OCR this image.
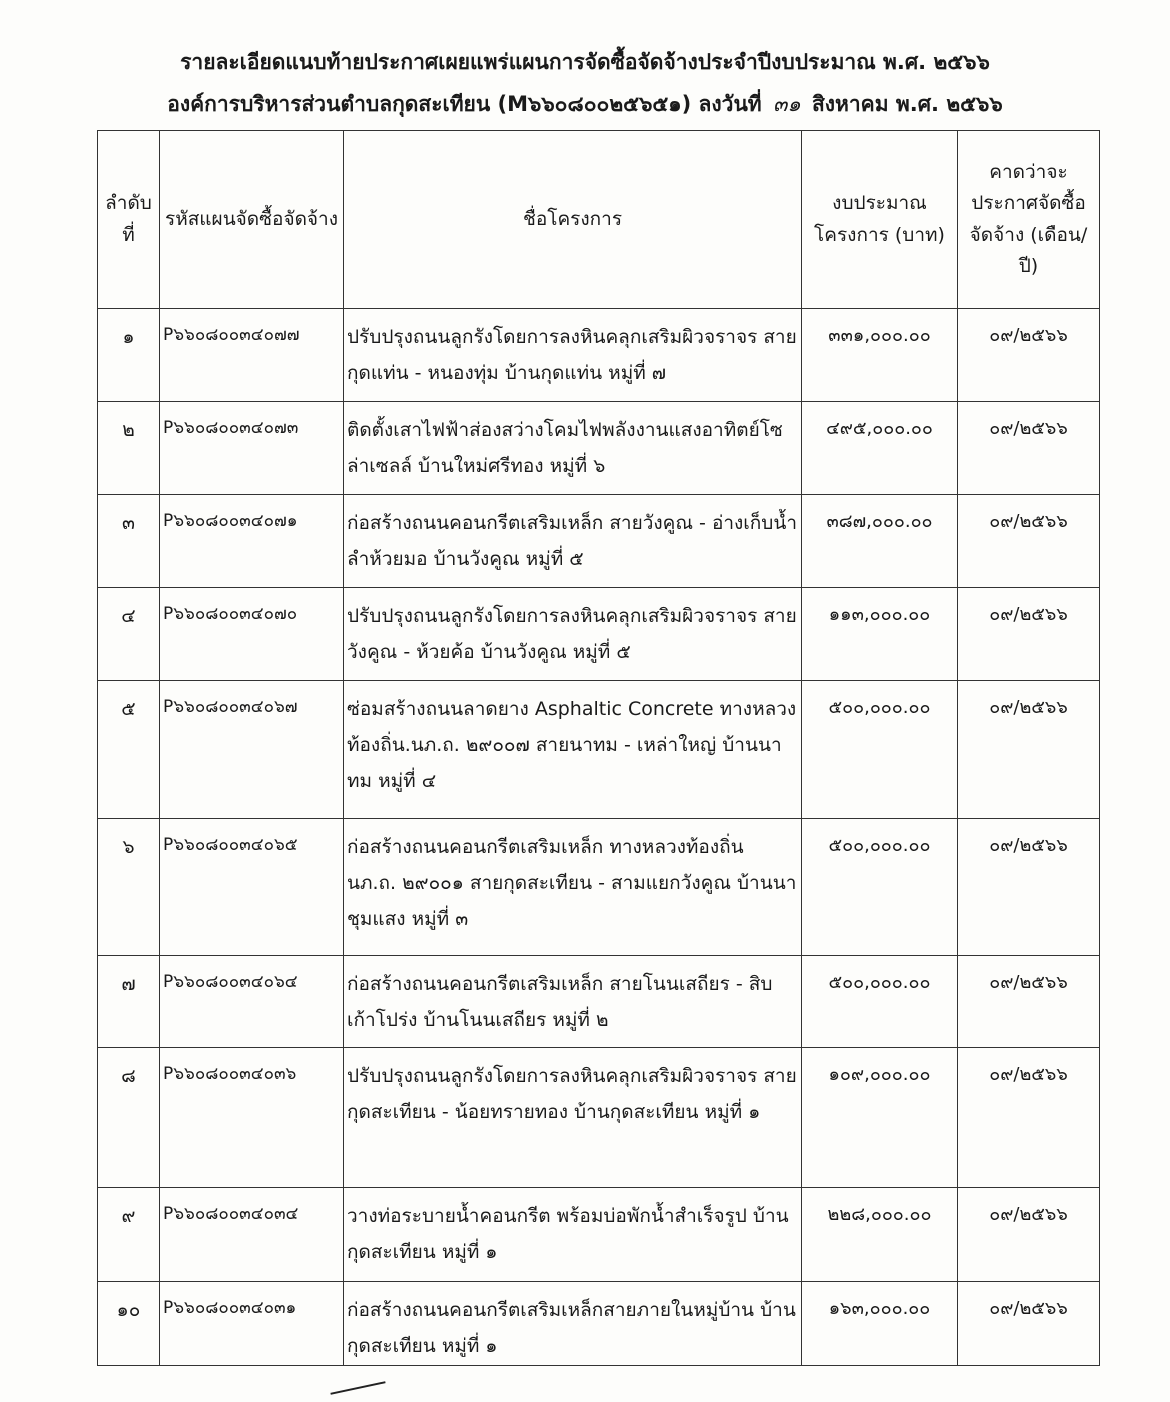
รายละเอียดแนบท้ายประกาศเผยแพร่แผนการจัดซื้อจัดจ้างประจำปีงบประมาณ พ.ศ. ๒๕๖๖
องค์การบริหารส่วนตำบลกุดสะเทียน (M๖๖๐๘๐๐๒๕๖๕๑) ลงวันที่ ๓๑ สิงหาคม พ.ศ. ๒๕๖๖
ลำดับที่	รหัสแผนจัดซื้อจัดจ้าง	ชื่อโครงการ	งบประมาณโครงการ (บาท)	คาดว่าจะประกาศจัดซื้อจัดจ้าง (เดือน/ปี)
๑	P๖๖๐๘๐๐๓๔๐๗๗	ปรับปรุงถนนลูกรังโดยการลงหินคลุกเสริมผิวจราจร สายกุดแท่น - หนองทุ่ม บ้านกุดแท่น หมู่ที่ ๗	๓๓๑,๐๐๐.๐๐	๐๙/๒๕๖๖
๒	P๖๖๐๘๐๐๓๔๐๗๓	ติดตั้งเสาไฟฟ้าส่องสว่างโคมไฟพลังงานแสงอาทิตย์โซล่าเซลล์ บ้านใหม่ศรีทอง หมู่ที่ ๖	๔๙๕,๐๐๐.๐๐	๐๙/๒๕๖๖
๓	P๖๖๐๘๐๐๓๔๐๗๑	ก่อสร้างถนนคอนกรีตเสริมเหล็ก สายวังคูณ - อ่างเก็บน้ำลำห้วยมอ บ้านวังคูณ หมู่ที่ ๕	๓๘๗,๐๐๐.๐๐	๐๙/๒๕๖๖
๔	P๖๖๐๘๐๐๓๔๐๗๐	ปรับปรุงถนนลูกรังโดยการลงหินคลุกเสริมผิวจราจร สายวังคูณ - ห้วยค้อ บ้านวังคูณ หมู่ที่ ๕	๑๑๓,๐๐๐.๐๐	๐๙/๒๕๖๖
๕	P๖๖๐๘๐๐๓๔๐๖๗	ซ่อมสร้างถนนลาดยาง Asphaltic Concrete ทางหลวงท้องถิ่น.นภ.ถ. ๒๙๐๐๗ สายนาทม - เหล่าใหญ่ บ้านนาทม หมู่ที่ ๔	๕๐๐,๐๐๐.๐๐	๐๙/๒๕๖๖
๖	P๖๖๐๘๐๐๓๔๐๖๕	ก่อสร้างถนนคอนกรีตเสริมเหล็ก ทางหลวงท้องถิ่น นภ.ถ. ๒๙๐๐๑ สายกุดสะเทียน - สามแยกวังคูณ บ้านนาชุมแสง หมู่ที่ ๓	๕๐๐,๐๐๐.๐๐	๐๙/๒๕๖๖
๗	P๖๖๐๘๐๐๓๔๐๖๔	ก่อสร้างถนนคอนกรีตเสริมเหล็ก สายโนนเสถียร - สิบเก้าโปร่ง บ้านโนนเสถียร หมู่ที่ ๒	๕๐๐,๐๐๐.๐๐	๐๙/๒๕๖๖
๘	P๖๖๐๘๐๐๓๔๐๓๖	ปรับปรุงถนนลูกรังโดยการลงหินคลุกเสริมผิวจราจร สายกุดสะเทียน - น้อยทรายทอง บ้านกุดสะเทียน หมู่ที่ ๑	๑๐๙,๐๐๐.๐๐	๐๙/๒๕๖๖
๙	P๖๖๐๘๐๐๓๔๐๓๔	วางท่อระบายน้ำคอนกรีต พร้อมบ่อพักน้ำสำเร็จรูป บ้านกุดสะเทียน หมู่ที่ ๑	๒๒๘,๐๐๐.๐๐	๐๙/๒๕๖๖
๑๐	P๖๖๐๘๐๐๓๔๐๓๑	ก่อสร้างถนนคอนกรีตเสริมเหล็กสายภายในหมู่บ้าน บ้านกุดสะเทียน หมู่ที่ ๑	๑๖๓,๐๐๐.๐๐	๐๙/๒๕๖๖
